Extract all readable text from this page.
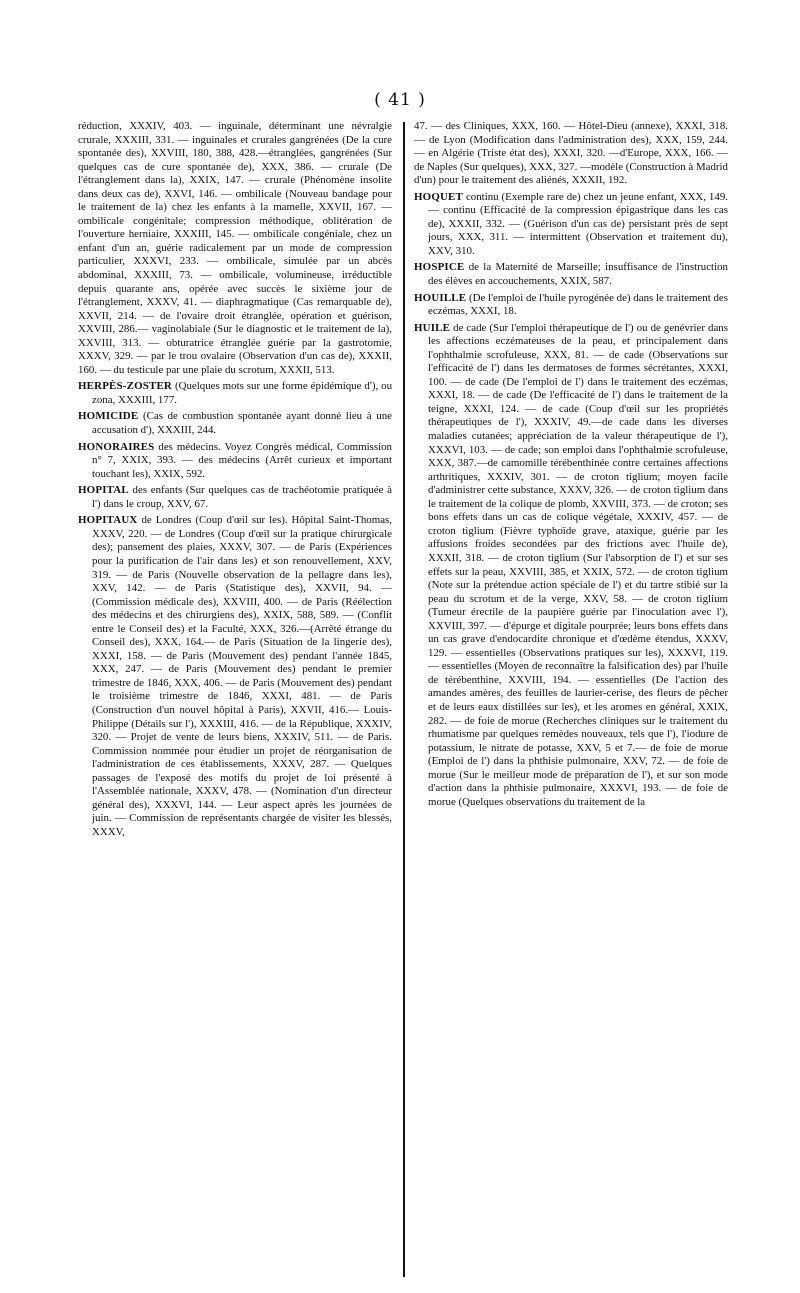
( 41 )

réduction, XXXIV, 403. — inguinale, déterminant une névralgie crurale, XXXIII, 331. — inguinales et crurales gangrénées (De la cure spontanée des), XXVIII, 180, 388, 428.—étranglées, gangrénées (Sur quelques cas de cure spontanée de), XXX, 386. — crurale (De l'étranglement dans la), XXIX, 147. — crurale (Phénomène insolite dans deux cas de), XXVI, 146. — ombilicale (Nouveau bandage pour le traitement de la) chez les enfants à la mamelle, XXVII, 167. —ombilicale congénitale; compression méthodique, oblitération de l'ouverture herniaire, XXXIII, 145. — ombilicale congéniale, chez un enfant d'un an, guérie radicalement par un mode de compression particulier, XXXVI, 233. — ombilicale, simulée par un abcès abdominal, XXXIII, 73. — ombilicale, volumineuse, irréductible depuis quarante ans, opérée avec succès le sixième jour de l'étranglement, XXXV, 41. — diaphragmatique (Cas remarquable de), XXVII, 214. — de l'ovaire droit étranglée, opération et guérison, XXVIII, 286.— vaginolabiale (Sur le diagnostic et le traitement de la), XXVIII, 313. — obturatrice étranglée guérie par la gastrotomie, XXXV, 329. — par le trou ovalaire (Observation d'un cas de), XXXII, 160. — du testicule par une plaie du scrotum, XXXII, 513.

HERPÈS-ZOSTER (Quelques mots sur une forme épidémique d'), ou zona, XXXIII, 177.

HOMICIDE (Cas de combustion spontanée ayant donné lieu à une accusation d'), XXXIII, 244.

HONORAIRES des médecins. Voyez Congrès médical, Commission n° 7, XXIX, 393. — des médecins (Arrêt curieux et important touchant les), XXIX, 592.

HOPITAL des enfants (Sur quelques cas de trachéotomie pratiquée à l') dans le croup, XXV, 67.

HOPITAUX de Londres (Coup d'œil sur les). Hôpital Saint-Thomas, XXXV, 220. — de Londres (Coup d'œil sur la pratique chirurgicale des); pansement des plaies, XXXV, 307. — de Paris (Expériences pour la purification de l'air dans les) et son renouvellement, XXV, 319. — de Paris (Nouvelle observation de la pellagre dans les), XXV, 142. — de Paris (Statistique des), XXVII, 94. — (Commission médicale des), XXVIII, 400. — de Paris (Réélection des médecins et des chirurgiens des), XXIX, 588, 589. — (Conflit entre le Conseil des) et la Faculté, XXX, 326.—(Arrêté étrange du Conseil des), XXX, 164.— de Paris (Situation de la lingerie des), XXXI, 158. — de Paris (Mouvement des) pendant l'année 1845, XXX, 247. — de Paris (Mouvement des) pendant le premier trimestre de 1846, XXX, 406. — de Paris (Mouvement des) pendant le troisième trimestre de 1846, XXXI, 481. — de Paris (Construction d'un nouvel hôpital à Paris), XXVII, 416.— Louis-Philippe (Détails sur l'), XXXIII, 416. — de la République, XXXIV, 320. — Projet de vente de leurs biens, XXXIV, 511. — de Paris. Commission nommée pour étudier un projet de réorganisation de l'administration de ces établissements, XXXV, 287. — Quelques passages de l'exposé des motifs du projet de loi présenté à l'Assemblée nationale, XXXV, 478. — (Nomination d'un directeur général des), XXXVI, 144. — Leur aspect après les journées de juin. — Commission de représentants chargée de visiter les blessés, XXXV,

47. — des Cliniques, XXX, 160. — Hôtel-Dieu (annexe), XXXI, 318. — de Lyon (Modification dans l'administration des), XXX, 159, 244. — en Algérie (Triste état des), XXXI, 320. —d'Europe, XXX, 166. —de Naples (Sur quelques), XXX, 327. —modèle (Construction à Madrid d'un) pour le traitement des aliénés, XXXII, 192.

HOQUET continu (Exemple rare de) chez un jeune enfant, XXX, 149. — continu (Efficacité de la compression épigastrique dans les cas de), XXXII, 332. — (Guérison d'un cas de) persistant près de sept jours, XXX, 311. — intermittent (Observation et traitement du), XXV, 310.

HOSPICE de la Maternité de Marseille; insuffisance de l'instruction des élèves en accouchements, XXIX, 587.

HOUILLE (De l'emploi de l'huile pyrogénée de) dans le traitement des eczémas, XXXI, 18.

HUILE de cade (Sur l'emploi thérapeutique de l') ou de genévrier dans les affections eczémateuses de la peau, et principalement dans l'ophthalmie scrofuleuse, XXX, 81. — de cade (Observations sur l'efficacité de l') dans les dermatoses de formes sécrétantes, XXXI, 100. — de cade (De l'emploi de l') dans le traitement des eczémas, XXXI, 18. — de cade (De l'efficacité de l') dans le traitement de la teigne, XXXI, 124. — de cade (Coup d'œil sur les propriétés thérapeutiques de l'), XXXIV, 49.—de cade dans les diverses maladies cutanées; appréciation de la valeur thérapeutique de l'), XXXVI, 103. — de cade; son emploi dans l'ophthalmie scrofuleuse, XXX, 387.—de camomille térébenthinée contre certaines affections arthritiques, XXXIV, 301. — de croton tiglium; moyen facile d'administrer cette substance, XXXV, 326. — de croton tiglium dans le traitement de la colique de plomb, XXVIII, 373. — de croton; ses bons effets dans un cas de colique végétale, XXXIV, 457. — de croton tiglium (Fièvre typhoïde grave, ataxique, guérie par les affusions froides secondées par des frictions avec l'huile de), XXXII, 318. — de croton tiglium (Sur l'absorption de l') et sur ses effets sur la peau, XXVIII, 385, et XXIX, 572. — de croton tiglium (Note sur la prétendue action spéciale de l') et du tartre stibié sur la peau du scrotum et de la verge, XXV, 58. — de croton tiglium (Tumeur érectile de la paupière guérie par l'inoculation avec l'), XXVIII, 397. — d'épurge et digitale pourprée; leurs bons effets dans un cas grave d'endocardite chronique et d'œdème étendus, XXXV, 129. — essentielles (Observations pratiques sur les), XXXVI, 119. — essentielles (Moyen de reconnaître la falsification des) par l'huile de térébenthine, XXVIII, 194. — essentielles (De l'action des amandes amères, des feuilles de laurier-cerise, des fleurs de pêcher et de leurs eaux distillées sur les), et les aromes en général, XXIX, 282. — de foie de morue (Recherches cliniques sur le traitement du rhumatisme par quelques remèdes nouveaux, tels que l'), l'iodure de potassium, le nitrate de potasse, XXV, 5 et 7.— de foie de morue (Emploi de l') dans la phthisie pulmonaire, XXV, 72. — de foie de morue (Sur le meilleur mode de préparation de l'), et sur son mode d'action dans la phthisie pulmonaire, XXXVI, 193. — de foie de morue (Quelques observations du traitement de la
